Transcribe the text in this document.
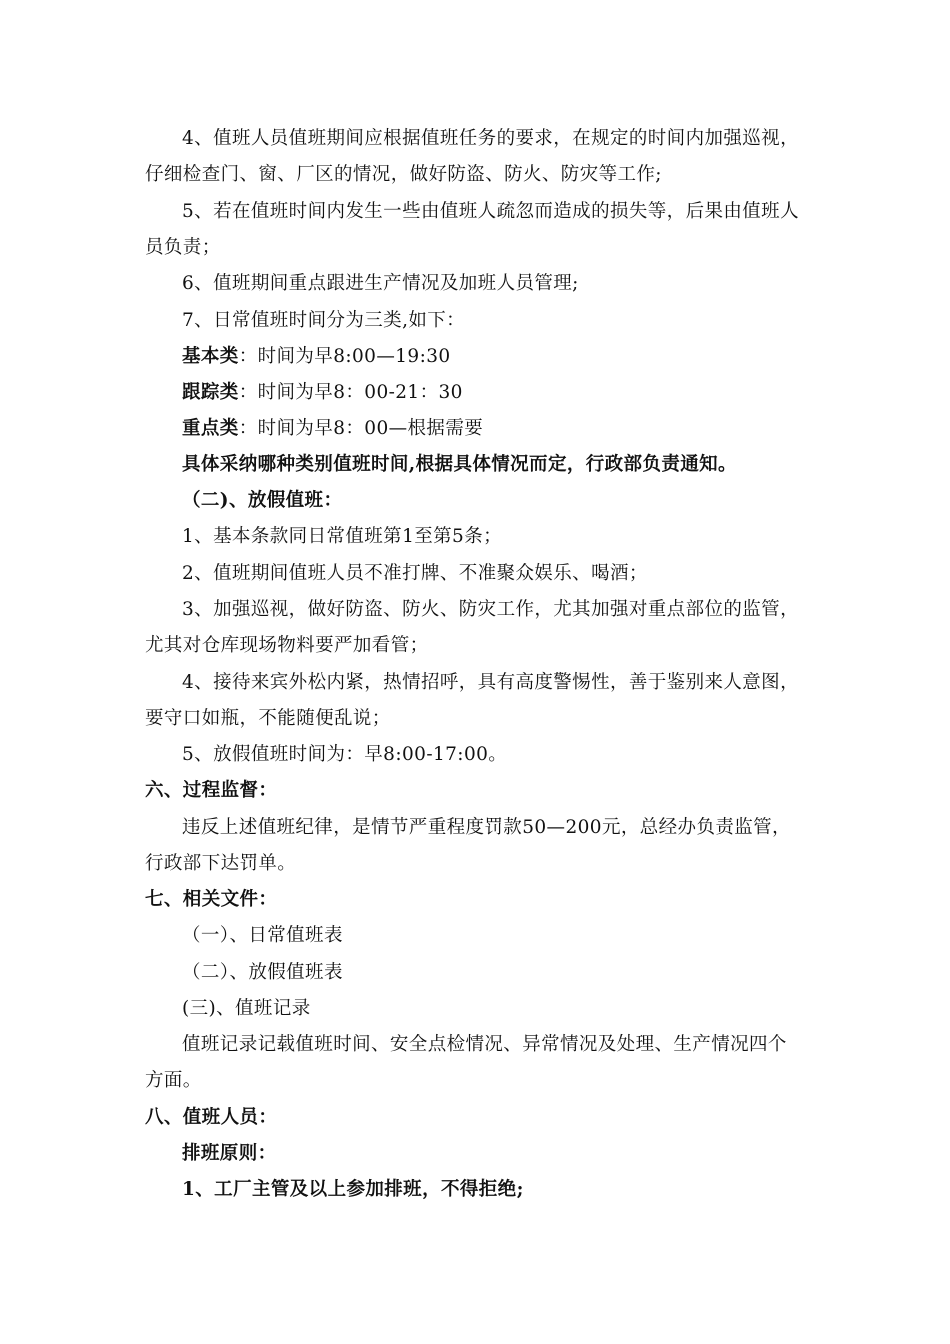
4、值班人员值班期间应根据值班任务的要求，在规定的时间内加强巡视，
仔细检查门、窗、厂区的情况，做好防盗、防火、防灾等工作;
5、若在值班时间内发生一些由值班人疏忽而造成的损失等，后果由值班人
员负责；
6、值班期间重点跟进生产情况及加班人员管理;
7、日常值班时间分为三类,如下：
基本类：时间为早8:00—19:30
跟踪类：时间为早8：00-21：30
重点类：时间为早8：00—根据需要
具体采纳哪种类别值班时间,根据具体情况而定，行政部负责通知。
（二)、放假值班：
1、基本条款同日常值班第1至第5条；
2、值班期间值班人员不准打牌、不准聚众娱乐、喝酒；
3、加强巡视，做好防盗、防火、防灾工作，尤其加强对重点部位的监管，
尤其对仓库现场物料要严加看管；
4、接待来宾外松内紧，热情招呼，具有高度警惕性，善于鉴别来人意图，
要守口如瓶，不能随便乱说；
5、放假值班时间为：早8:00-17:00。
六、过程监督：
违反上述值班纪律，是情节严重程度罚款50—200元，总经办负责监管，
行政部下达罚单。
七、相关文件：
（一）、日常值班表
（二）、放假值班表
(三)、值班记录
值班记录记载值班时间、安全点检情况、异常情况及处理、生产情况四个
方面。
八、值班人员：
排班原则：
1、工厂主管及以上参加排班，不得拒绝;
